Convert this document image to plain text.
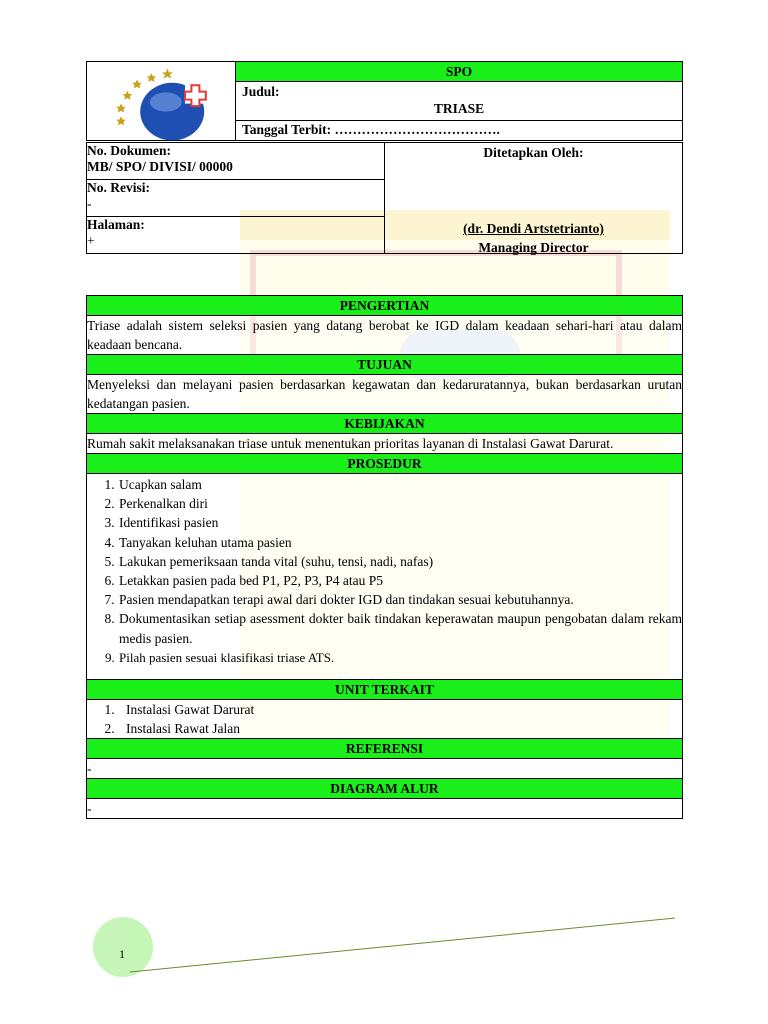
	SPO

Judul:
TRIASE

Tanggal Terbit: ……………………………….
No. Dokumen:
MB/ SPO/ DIVISI/ 00000

Ditetapkan Oleh:
(dr. Dendi Artstetrianto)
Managing Director

No. Revisi:
-

Halaman:
+
PENGERTIAN
Triase adalah sistem seleksi pasien yang datang berobat ke IGD dalam keadaan sehari-hari atau dalam keadaan bencana.
TUJUAN
Menyeleksi dan melayani pasien berdasarkan kegawatan dan kedaruratannya, bukan berdasarkan urutan kedatangan pasien.
KEBIJAKAN
Rumah sakit melaksanakan triase untuk menentukan prioritas layanan di Instalasi Gawat Darurat.
PROSEDUR

1. Ucapkan salam
2. Perkenalkan diri
3. Identifikasi pasien
4. Tanyakan keluhan utama pasien
5. Lakukan pemeriksaan tanda vital (suhu, tensi, nadi, nafas)
6. Letakkan pasien pada bed P1, P2, P3, P4 atau P5
7. Pasien mendapatkan terapi awal dari dokter IGD dan tindakan sesuai kebutuhannya.
8. Dokumentasikan setiap asessment dokter baik tindakan keperawatan maupun pengobatan dalam rekam medis pasien.
9. Pilah pasien sesuai klasifikasi triase ATS.

UNIT TERKAIT

1. Instalasi Gawat Darurat
2. Instalasi Rawat Jalan

REFERENSI
-
DIAGRAM ALUR
-
1
